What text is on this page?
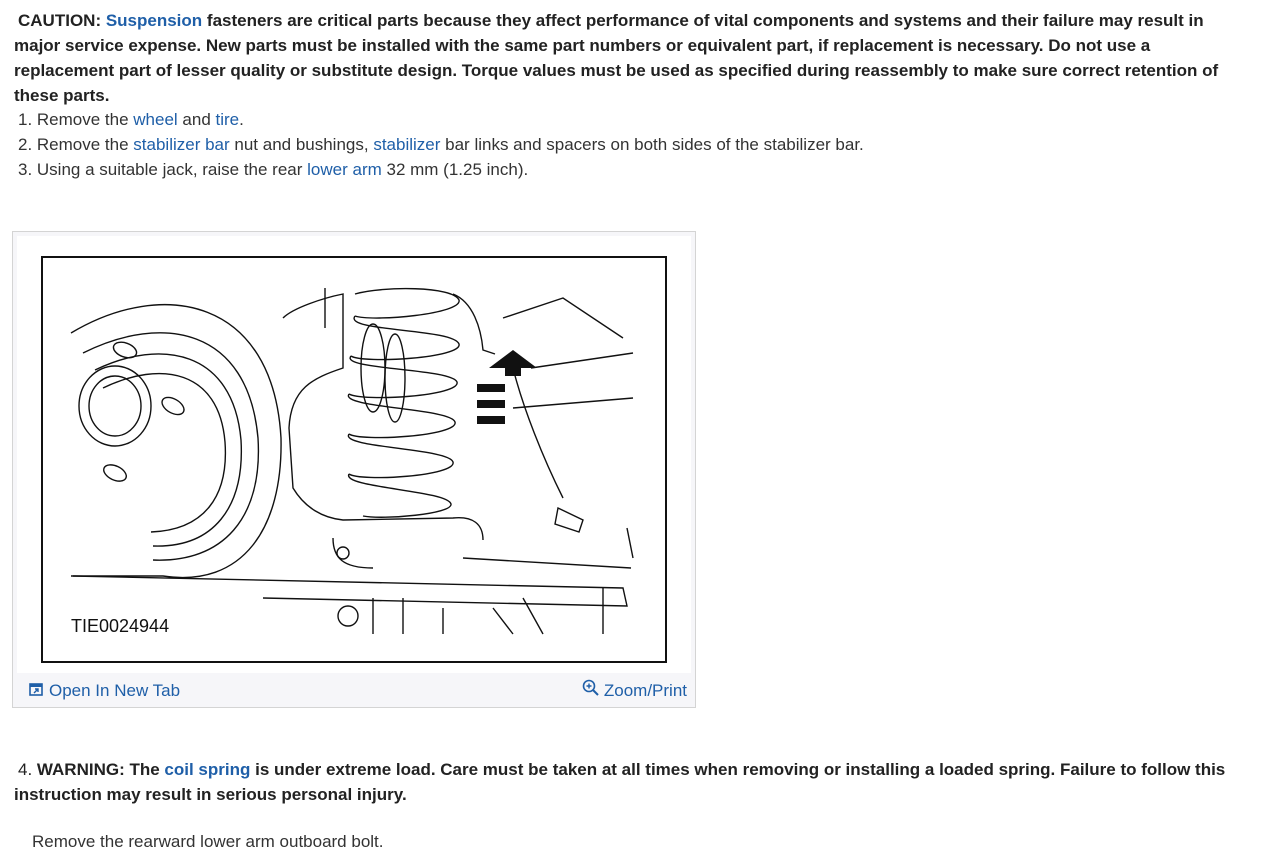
CAUTION: Suspension fasteners are critical parts because they affect performance of vital components and systems and their failure may result in major service expense. New parts must be installed with the same part numbers or equivalent part, if replacement is necessary. Do not use a replacement part of lesser quality or substitute design. Torque values must be used as specified during reassembly to make sure correct retention of these parts.
1. Remove the wheel and tire.
2. Remove the stabilizer bar nut and bushings, stabilizer bar links and spacers on both sides of the stabilizer bar.
3. Using a suitable jack, raise the rear lower arm 32 mm (1.25 inch).
TIE0024944
Open In New Tab	Zoom/Print
4. WARNING: The coil spring is under extreme load. Care must be taken at all times when removing or installing a loaded spring. Failure to follow this instruction may result in serious personal injury.
Remove the rearward lower arm outboard bolt.
